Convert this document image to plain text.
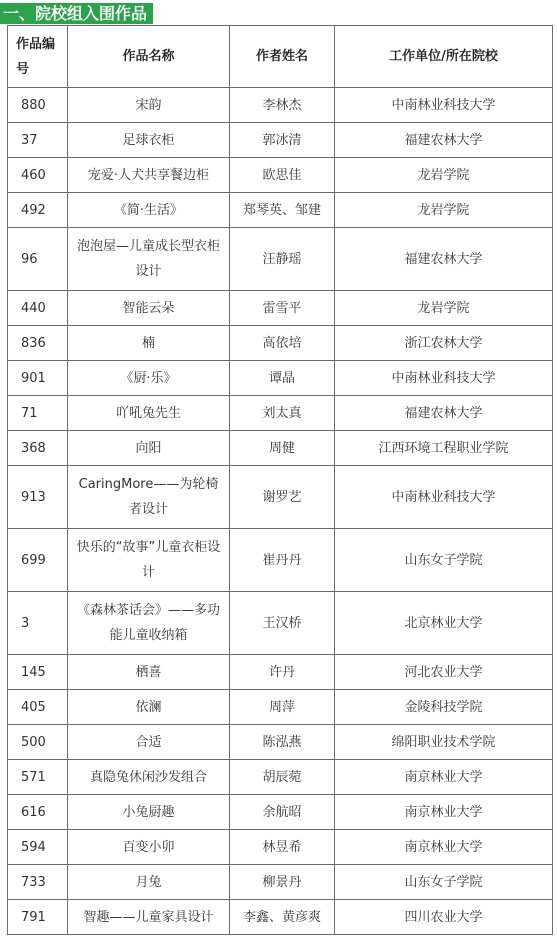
一、院校组入围作品
作品编号	作品名称	作者姓名	工作单位/所在院校
880	宋韵	李林杰	中南林业科技大学
37	足球衣柜	郭冰清	福建农林大学
460	宠爱·人犬共享餐边柜	欧思佳	龙岩学院
492	《简·生活》	郑琴英、邹建	龙岩学院
96	泡泡屋—儿童成长型衣柜设计	汪静瑶	福建农林大学
440	智能云朵	雷雪平	龙岩学院
836	楠	高依培	浙江农林大学
901	《厨·乐》	谭晶	中南林业科技大学
71	吖吼兔先生	刘太真	福建农林大学
368	向阳	周健	江西环境工程职业学院
913	CaringMore——为轮椅者设计	谢罗艺	中南林业科技大学
699	快乐的“故事”儿童衣柜设计	崔丹丹	山东女子学院
3	《森林茶话会》——多功能儿童收纳箱	王汉桥	北京林业大学
145	栖喜	许丹	河北农业大学
405	依澜	周萍	金陵科技学院
500	合适	陈泓燕	绵阳职业技术学院
571	真隐兔休闲沙发组合	胡辰菀	南京林业大学
616	小兔厨趣	余航昭	南京林业大学
594	百变小卯	林昱希	南京林业大学
733	月兔	柳景丹	山东女子学院
791	智趣——儿童家具设计	李鑫、黄彦爽	四川农业大学
